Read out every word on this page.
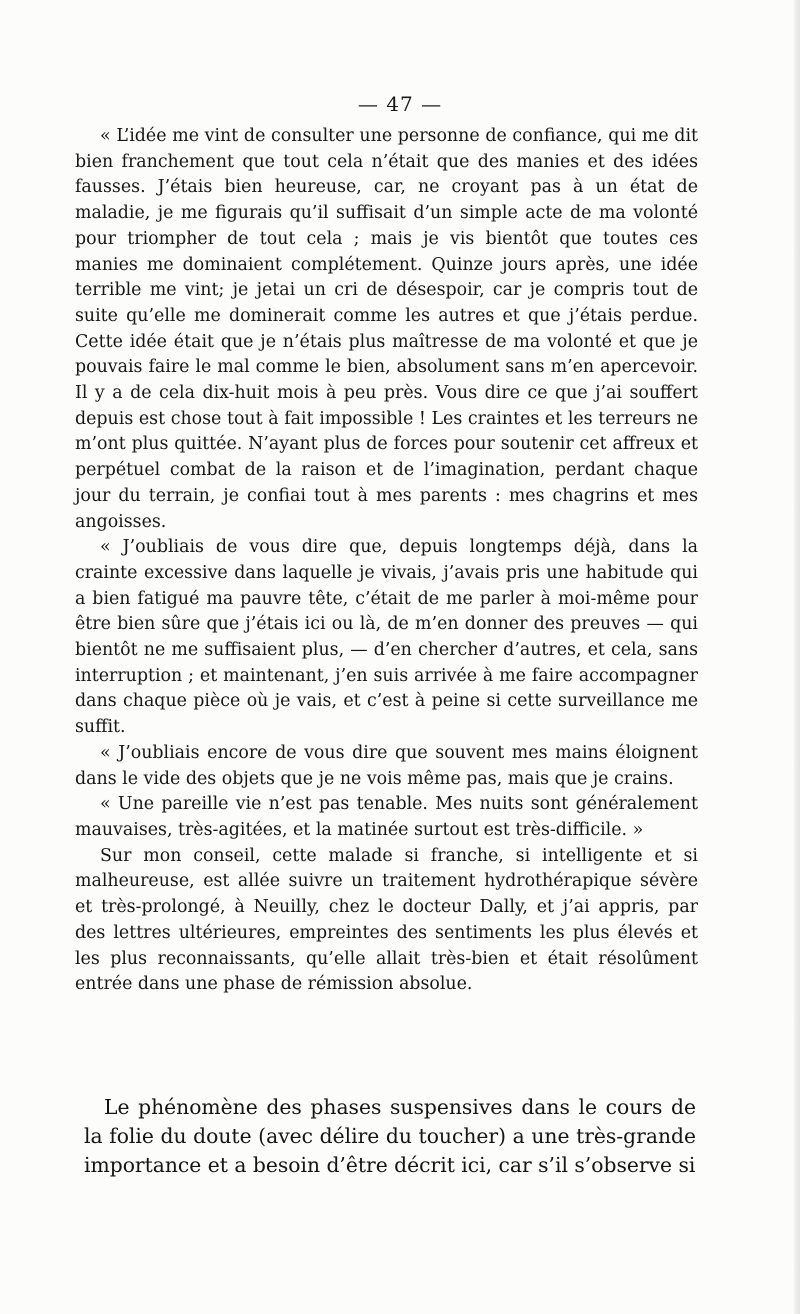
— 47 —

« L’idée me vint de consulter une personne de confiance, qui me dit bien franchement que tout cela n’était que des manies et des idées fausses. J’étais bien heureuse, car, ne croyant pas à un état de maladie, je me figurais qu’il suffisait d’un simple acte de ma volonté pour triompher de tout cela ; mais je vis bientôt que toutes ces manies me dominaient complétement. Quinze jours après, une idée terrible me vint; je jetai un cri de désespoir, car je compris tout de suite qu’elle me dominerait comme les autres et que j’étais perdue. Cette idée était que je n’étais plus maîtresse de ma volonté et que je pouvais faire le mal comme le bien, absolument sans m’en apercevoir. Il y a de cela dix-huit mois à peu près. Vous dire ce que j’ai souffert depuis est chose tout à fait impossible ! Les craintes et les terreurs ne m’ont plus quittée. N’ayant plus de forces pour soutenir cet affreux et perpétuel combat de la raison et de l’imagination, perdant chaque jour du terrain, je confiai tout à mes parents : mes chagrins et mes angoisses.

« J’oubliais de vous dire que, depuis longtemps déjà, dans la crainte excessive dans laquelle je vivais, j’avais pris une habitude qui a bien fatigué ma pauvre tête, c’était de me parler à moi-même pour être bien sûre que j’étais ici ou là, de m’en donner des preuves — qui bientôt ne me suffisaient plus, — d’en chercher d’autres, et cela, sans interruption ; et maintenant, j’en suis arrivée à me faire accompagner dans chaque pièce où je vais, et c’est à peine si cette surveillance me suffit.

« J’oubliais encore de vous dire que souvent mes mains éloignent dans le vide des objets que je ne vois même pas, mais que je crains.

« Une pareille vie n’est pas tenable. Mes nuits sont généralement mauvaises, très-agitées, et la matinée surtout est très-difficile. »

Sur mon conseil, cette malade si franche, si intelligente et si malheureuse, est allée suivre un traitement hydrothérapique sévère et très-prolongé, à Neuilly, chez le docteur Dally, et j’ai appris, par des lettres ultérieures, empreintes des sentiments les plus élevés et les plus reconnaissants, qu’elle allait très-bien et était résolûment entrée dans une phase de rémission absolue.

Le phénomène des phases suspensives dans le cours de la folie du doute (avec délire du toucher) a une très-grande importance et a besoin d’être décrit ici, car s’il s’observe si
